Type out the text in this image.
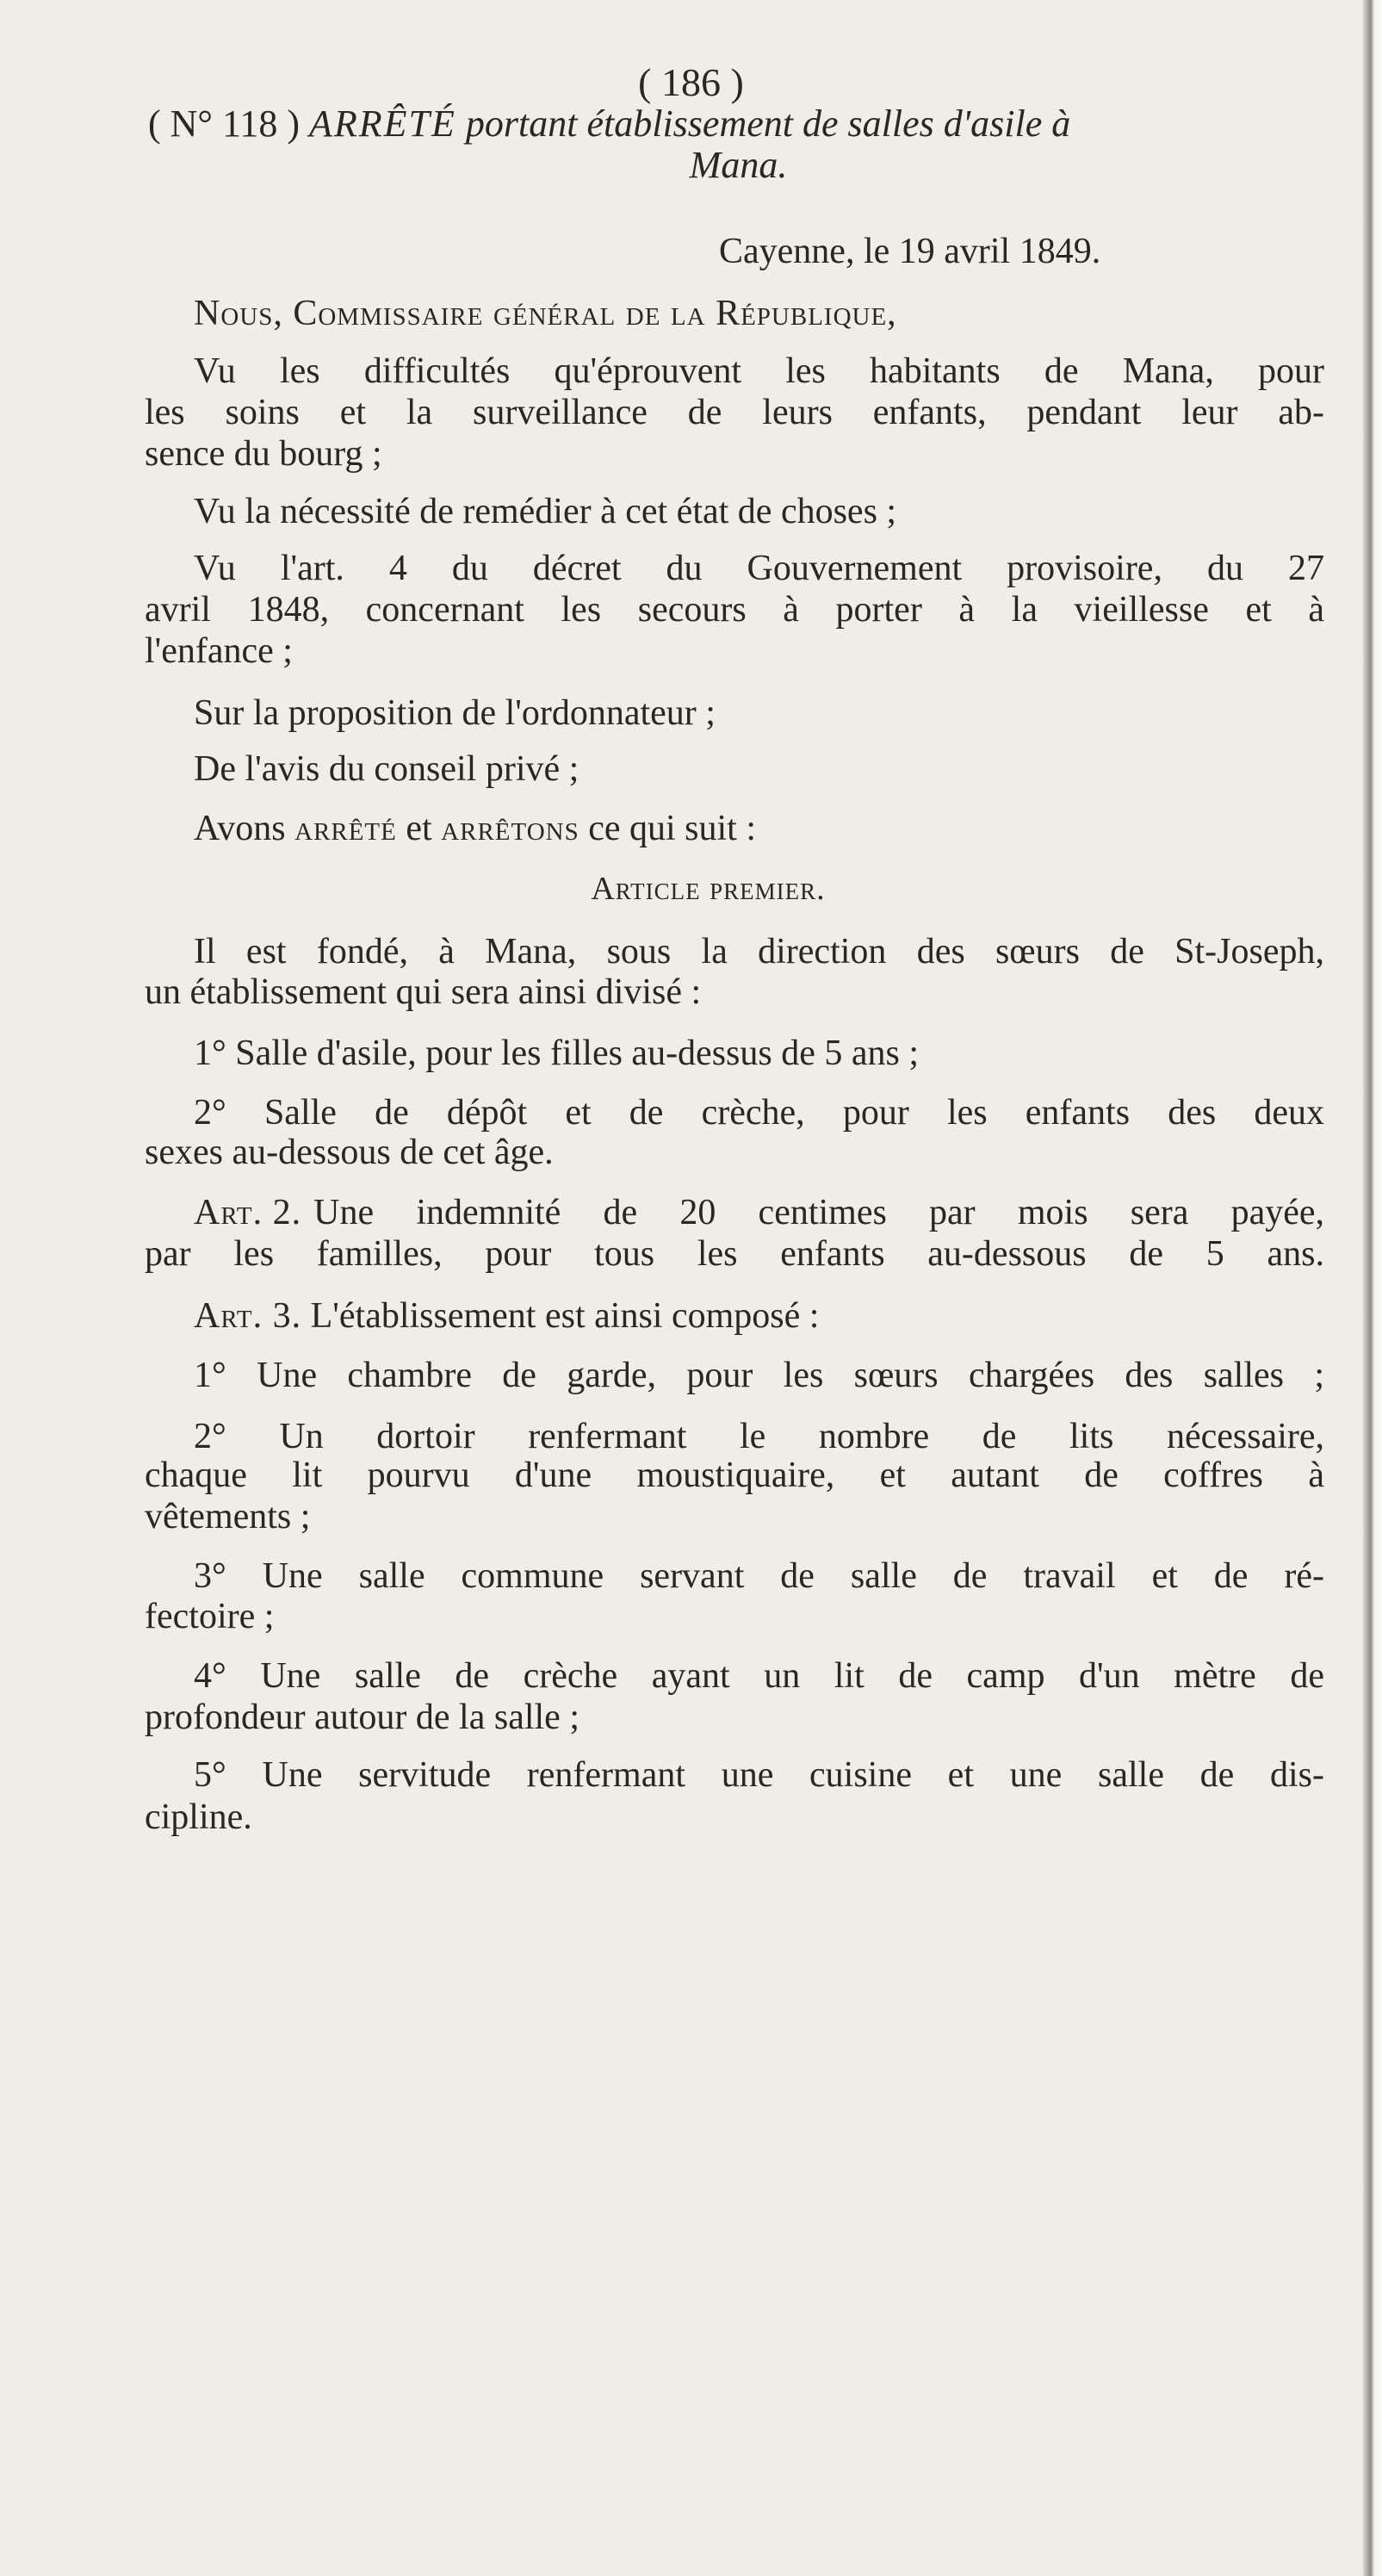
( 186 )
( N° 118 ) ARRÊTÉ portant établissement de salles d'asile à
Mana.
Cayenne, le 19 avril 1849.
Nous, Commissaire général de la République,
Vu les difficultés qu'éprouvent les habitants de Mana, pour
les soins et la surveillance de leurs enfants, pendant leur ab-
sence du bourg ;
Vu la nécessité de remédier à cet état de choses ;
Vu l'art. 4 du décret du Gouvernement provisoire, du 27
avril 1848, concernant les secours à porter à la vieillesse et à
l'enfance ;
Sur la proposition de l'ordonnateur ;
De l'avis du conseil privé ;
Avons arrêté et arrêtons ce qui suit :
Article premier.
Il est fondé, à Mana, sous la direction des sœurs de St-Joseph,
un établissement qui sera ainsi divisé :
1° Salle d'asile, pour les filles au-dessus de 5 ans ;
2° Salle de dépôt et de crèche, pour les enfants des deux
sexes au-dessous de cet âge.
Art. 2. Une indemnité de 20 centimes par mois sera payée,
par les familles, pour tous les enfants au-dessous de 5 ans.
Art. 3. L'établissement est ainsi composé :
1° Une chambre de garde, pour les sœurs chargées des salles ;
2° Un dortoir renfermant le nombre de lits nécessaire,
chaque lit pourvu d'une moustiquaire, et autant de coffres à
vêtements ;
3° Une salle commune servant de salle de travail et de ré-
fectoire ;
4° Une salle de crèche ayant un lit de camp d'un mètre de
profondeur autour de la salle ;
5° Une servitude renfermant une cuisine et une salle de dis-
cipline.
